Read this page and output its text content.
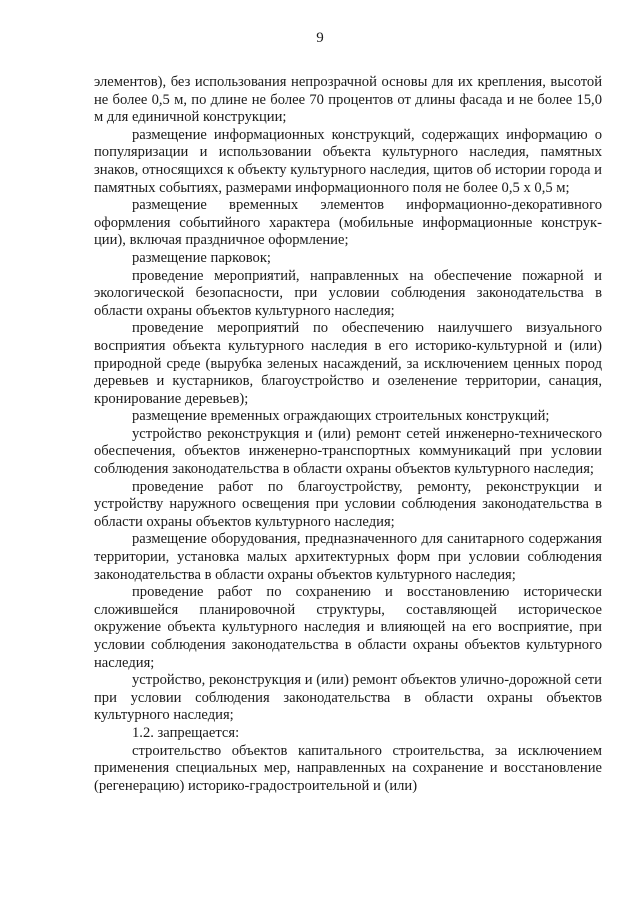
9

элементов), без использования непрозрачной основы для их крепления, высотой не более 0,5 м, по длине не более 70 процентов от длины фасада и не более 15,0 м для единичной конструкции;

размещение информационных конструкций, содержащих информацию о популяризации и использовании объекта культурного наследия, памятных знаков, относящихся к объекту культурного наследия, щитов об истории города и памятных событиях, размерами информационного поля не более 0,5 х 0,5 м;

размещение временных элементов информационно-декоративного оформления событийного характера (мобильные информационные конструкции), включая праздничное оформление;

размещение парковок;

проведение мероприятий, направленных на обеспечение пожарной и экологической безопасности, при условии соблюдения законодательства в области охраны объектов культурного наследия;

проведение мероприятий по обеспечению наилучшего визуального восприятия объекта культурного наследия в его историко-культурной и (или) природной среде (вырубка зеленых насаждений, за исключением ценных пород деревьев и кустарников, благоустройство и озеленение территории, санация, кронирование деревьев);

размещение временных ограждающих строительных конструкций;

устройство реконструкция и (или) ремонт сетей инженерно-технического обеспечения, объектов инженерно-транспортных коммуникаций при условии соблюдения законодательства в области охраны объектов культурного наследия;

проведение работ по благоустройству, ремонту, реконструкции и устройству наружного освещения при условии соблюдения законодательства в области охраны объектов культурного наследия;

размещение оборудования, предназначенного для санитарного содержания территории, установка малых архитектурных форм при условии соблюдения законодательства в области охраны объектов культурного наследия;

проведение работ по сохранению и восстановлению исторически сложившейся планировочной структуры, составляющей историческое окружение объекта культурного наследия и влияющей на его восприятие, при условии соблюдения законодательства в области охраны объектов культурного наследия;

устройство, реконструкция и (или) ремонт объектов улично-дорожной сети при условии соблюдения законодательства в области охраны объектов культурного наследия;

1.2. запрещается:

строительство объектов капитального строительства, за исключением применения специальных мер, направленных на сохранение и восстановление (регенерацию) историко-градостроительной и (или)
